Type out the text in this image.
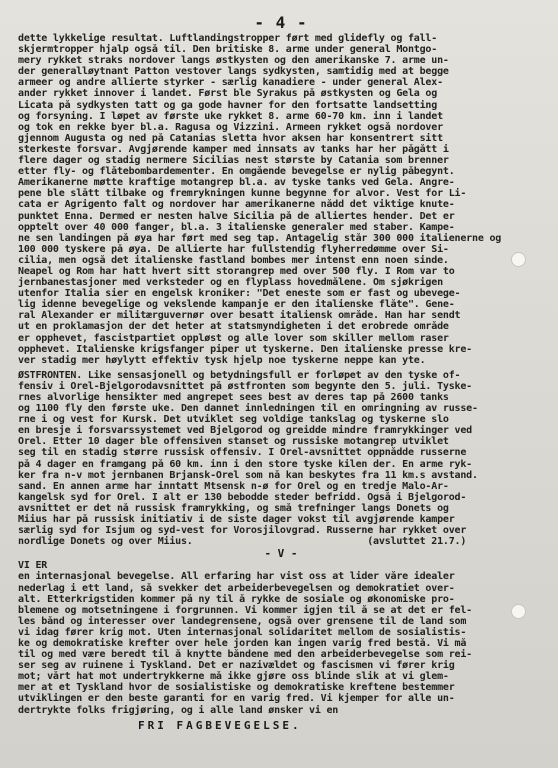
- 4 -
dette lykkelige resultat. Luftlandingstropper ført med glidefly og fall-
skjermtropper hjalp også til. Den britiske 8. arme under general Montgo-
mery rykket straks nordover langs østkysten og den amerikanske 7. arme un-
der generalløytnant Patton vestover langs sydkysten, samtidig med at begge
armeer og andre allierte styrker - særlig kanadiere - under general Alex-
ander rykket innover i landet. Først ble Syrakus på østkysten og Gela og
Licata på sydkysten tatt og ga gode havner for den fortsatte landsetting
og forsyning. I løpet av første uke rykket 8. arme 60-70 km. inn i landet
og tok en rekke byer bl.a. Ragusa og Vizzini. Armeen rykket også nordover
gjennom Augusta og ned på Catanias sletta hvor aksen har konsentrert sitt
sterkeste forsvar. Avgjørende kamper med innsats av tanks har her pågått i
flere dager og stadig nermere Sicilias nest største by Catania som brenner
etter fly- og flåtebombardementer. En omgående bevegelse er nylig påbegynt.
Amerikanerne møtte kraftige motangrep bl.a. av tyske tanks ved Gela. Angre-
pene ble slått tilbake og fremrykningen kunne begynne for alvor. Vest for Li-
cata er Agrigento falt og nordover har amerikanerne nådd det viktige knute-
punktet Enna. Dermed er nesten halve Sicilia på de alliertes hender. Det er
opptelt over 40 000 fanger, bl.a. 3 italienske generaler med staber. Kampe-
ne sen landingen på øya har ført med seg tap. Antagelig står 300 000 italienerne og
100 000 tyskere på øya. De allierte har fullstendig flyherredømme over Si-
cilia, men også det italienske fastland bombes mer intenst enn noen sinde.
Neapel og Rom har hatt hvert sitt storangrep med over 500 fly. I Rom var to
jernbanestasjoner med verksteder og en flyplass hovedmålene. Om sjøkrigen
utenfor Italia sier en engelsk kroniker: "Det eneste som er fast og ubevege-
lig idenne bevegelige og vekslende kampanje er den italienske flåte". Gene-
ral Alexander er militærguvernør over besatt italiensk område. Han har sendt
ut en proklamasjon der det heter at statsmyndigheten i det erobrede område
er opphevet, fascistpartiet oppløst og alle lover som skiller mellom raser
opphevet. Italienske krigsfanger piper ut tyskerne. Den italienske presse kre-
ver stadig mer høylytt effektiv tysk hjelp noe tyskerne neppe kan yte.
ØSTFRONTEN. Like sensasjonell og betydningsfull er forløpet av den tyske of-
fensiv i Orel-Bjelgorodavsnittet på østfronten som begynte den 5. juli. Tyske-
rnes alvorlige hensikter med angrepet sees best av deres tap på 2600 tanks
og 1100 fly den første uke. Den dannet innledningen til en omringning av russe-
rne i og vest for Kursk. Det utviklet seg voldige tankslag og tyskerne slo
en bresje i forsvarssystemet ved Bjelgorod og greidde mindre framrykkinger ved
Orel. Etter 10 dager ble offensiven stanset og russiske motangrep utviklet
seg til en stadig større russisk offensiv. I Orel-avsnittet oppnådde russerne
på 4 dager en framgang på 60 km. inn i den store tyske kilen der. En arme ryk-
ker fra n-v mot jernbanen Brjansk-Orel som nå kan beskytes fra 11 km.s avstand.
sand. En annen arme har inntatt Mtsensk n-ø for Orel og en tredje Malo-Ar-
kangelsk syd for Orel. I alt er 130 bebodde steder befridd. Også i Bjelgorod-
avsnittet er det nå russisk framrykking, og små trefninger langs Donets og
Miius har på russisk initiativ i de siste dager vokst til avgjørende kamper
særlig syd for Isjum og syd-vest for Vorosjilovgrad. Russerne har rykket over
nordlige Donets og over Miius.                              (avsluttet 21.7.)
- V -
VI ER
en internasjonal bevegelse. All erfaring har vist oss at lider våre idealer
nederlag i ett land, så svekker det arbeiderbevegelsen og demokratiet over-
alt. Etterkrigstiden kommer på ny til å rykke de sosiale og økonomiske pro-
blemene og motsetningene i forgrunnen. Vi kommer igjen til å se at det er fel-
les bånd og interesser over landegrensene, også over grensene til de land som
vi idag fører krig mot. Uten internasjonal solidaritet mellom de sosialistis-
ke og demokratiske krefter over hele jorden kan ingen varig fred bestå. Vi må
til og med være beredt til å knytte båndene med den arbeiderbevegelse som rei-
ser seg av ruinene i Tyskland. Det er nazivældet og fascismen vi fører krig
mot; vårt hat mot undertrykkerne må ikke gjøre oss blinde slik at vi glem-
mer at et Tyskland hvor de sosialistiske og demokratiske kreftene bestemmer
utviklingen er den beste garanti for en varig fred. Vi kjemper for alle un-
dertrykte folks frigjøring, og i alle land ønsker vi en
FRI FAGBEVEGELSE.
